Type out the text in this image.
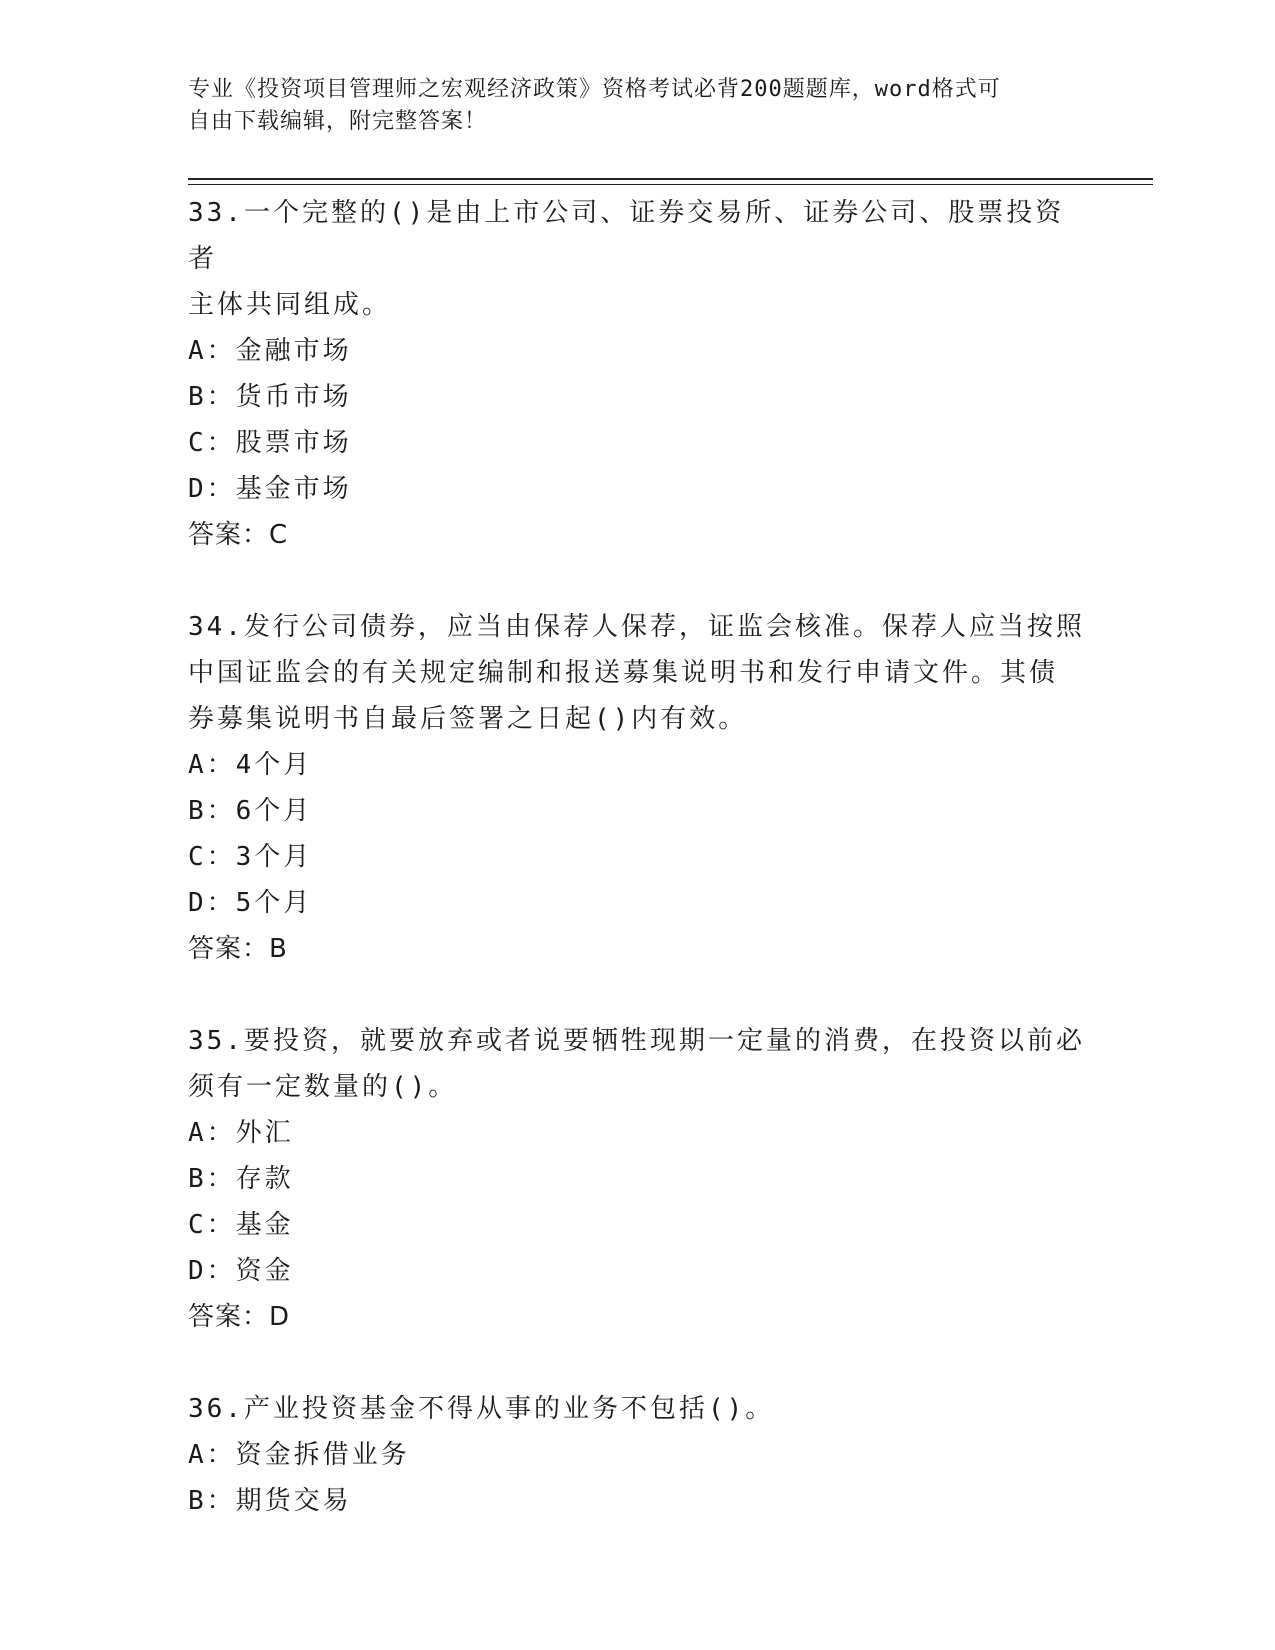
专业《投资项目管理师之宏观经济政策》资格考试必背200题题库，word格式可
自由下载编辑，附完整答案！
33.一个完整的()是由上市公司、证券交易所、证券公司、股票投资者
主体共同组成。
A：金融市场
B：货币市场
C：股票市场
D：基金市场
答案：C
34.发行公司债券，应当由保荐人保荐，证监会核准。保荐人应当按照
中国证监会的有关规定编制和报送募集说明书和发行申请文件。其债
券募集说明书自最后签署之日起()内有效。
A：4个月
B：6个月
C：3个月
D：5个月
答案：B
35.要投资，就要放弃或者说要牺牲现期一定量的消费，在投资以前必
须有一定数量的()。
A：外汇
B：存款
C：基金
D：资金
答案：D
36.产业投资基金不得从事的业务不包括()。
A：资金拆借业务
B：期货交易
